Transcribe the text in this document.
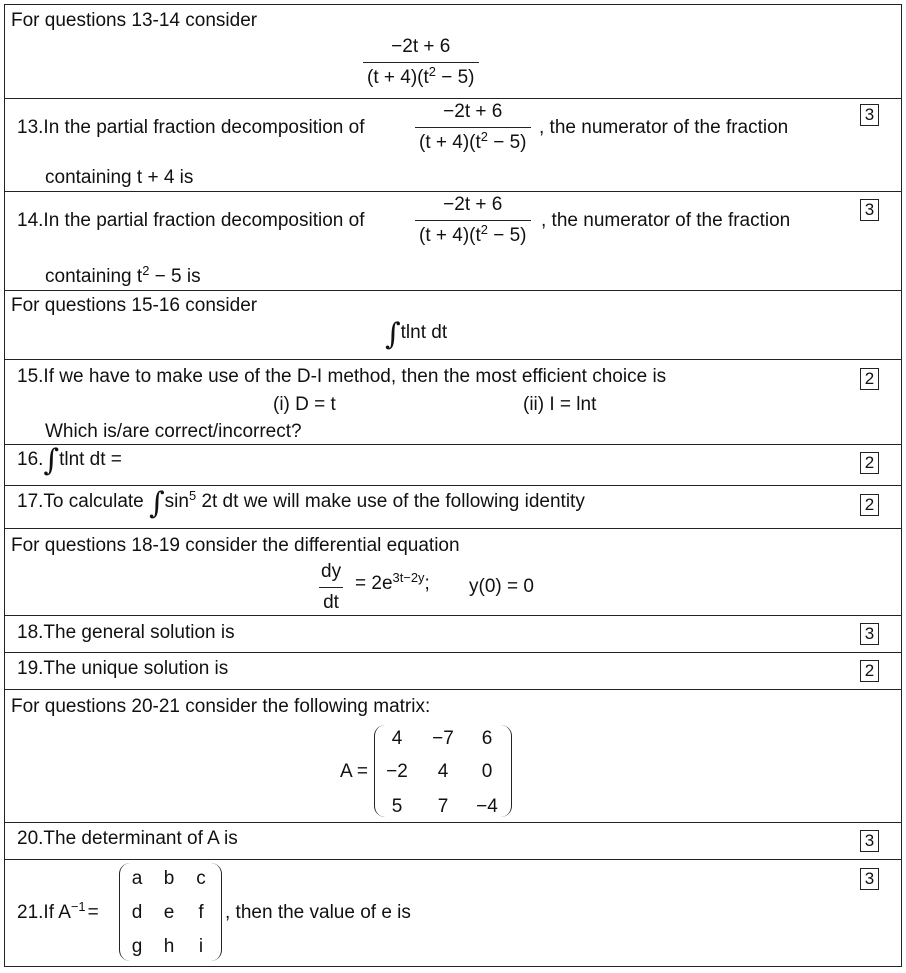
For questions 13-14 consider
$\frac{-2t + 6}{(t + 4)(t^2 - 5)}$
13.In the partial fraction decomposition of	$\frac{-2t + 6}{(t + 4)(t^2 - 5)}$ , the numerator of the fraction
containing t + 4 is
3
14.In the partial fraction decomposition of	$\frac{-2t + 6}{(t + 4)(t^2 - 5)}$ , the numerator of the fraction
containing $t^2 - 5$ is
3
For questions 15-16 consider
∫tlnt dt
15.If we have to make use of the D-I method, then the most efficient choice is
(i) D = t	(ii) I = lnt
Which is/are correct/incorrect?
2
16.∫tlnt dt =	2
17.To calculate $\int\sin^5$ 2t dt we will make use of the following identity	2
For questions 18-19 consider the differential equation
$\frac{dy}{dt} = 2e^{3t-2y}$; y(0) = 0
18.The general solution is	3
19.The unique solution is	2
For questions 20-21 consider the following matrix:
A =
4	−7	6
−2	4	0
5	7	−4
20.The determinant of A is	3
21.If $A^{-1}$ =
a	b	c
d	e	f
g	h	i
, then the value of e is
3
